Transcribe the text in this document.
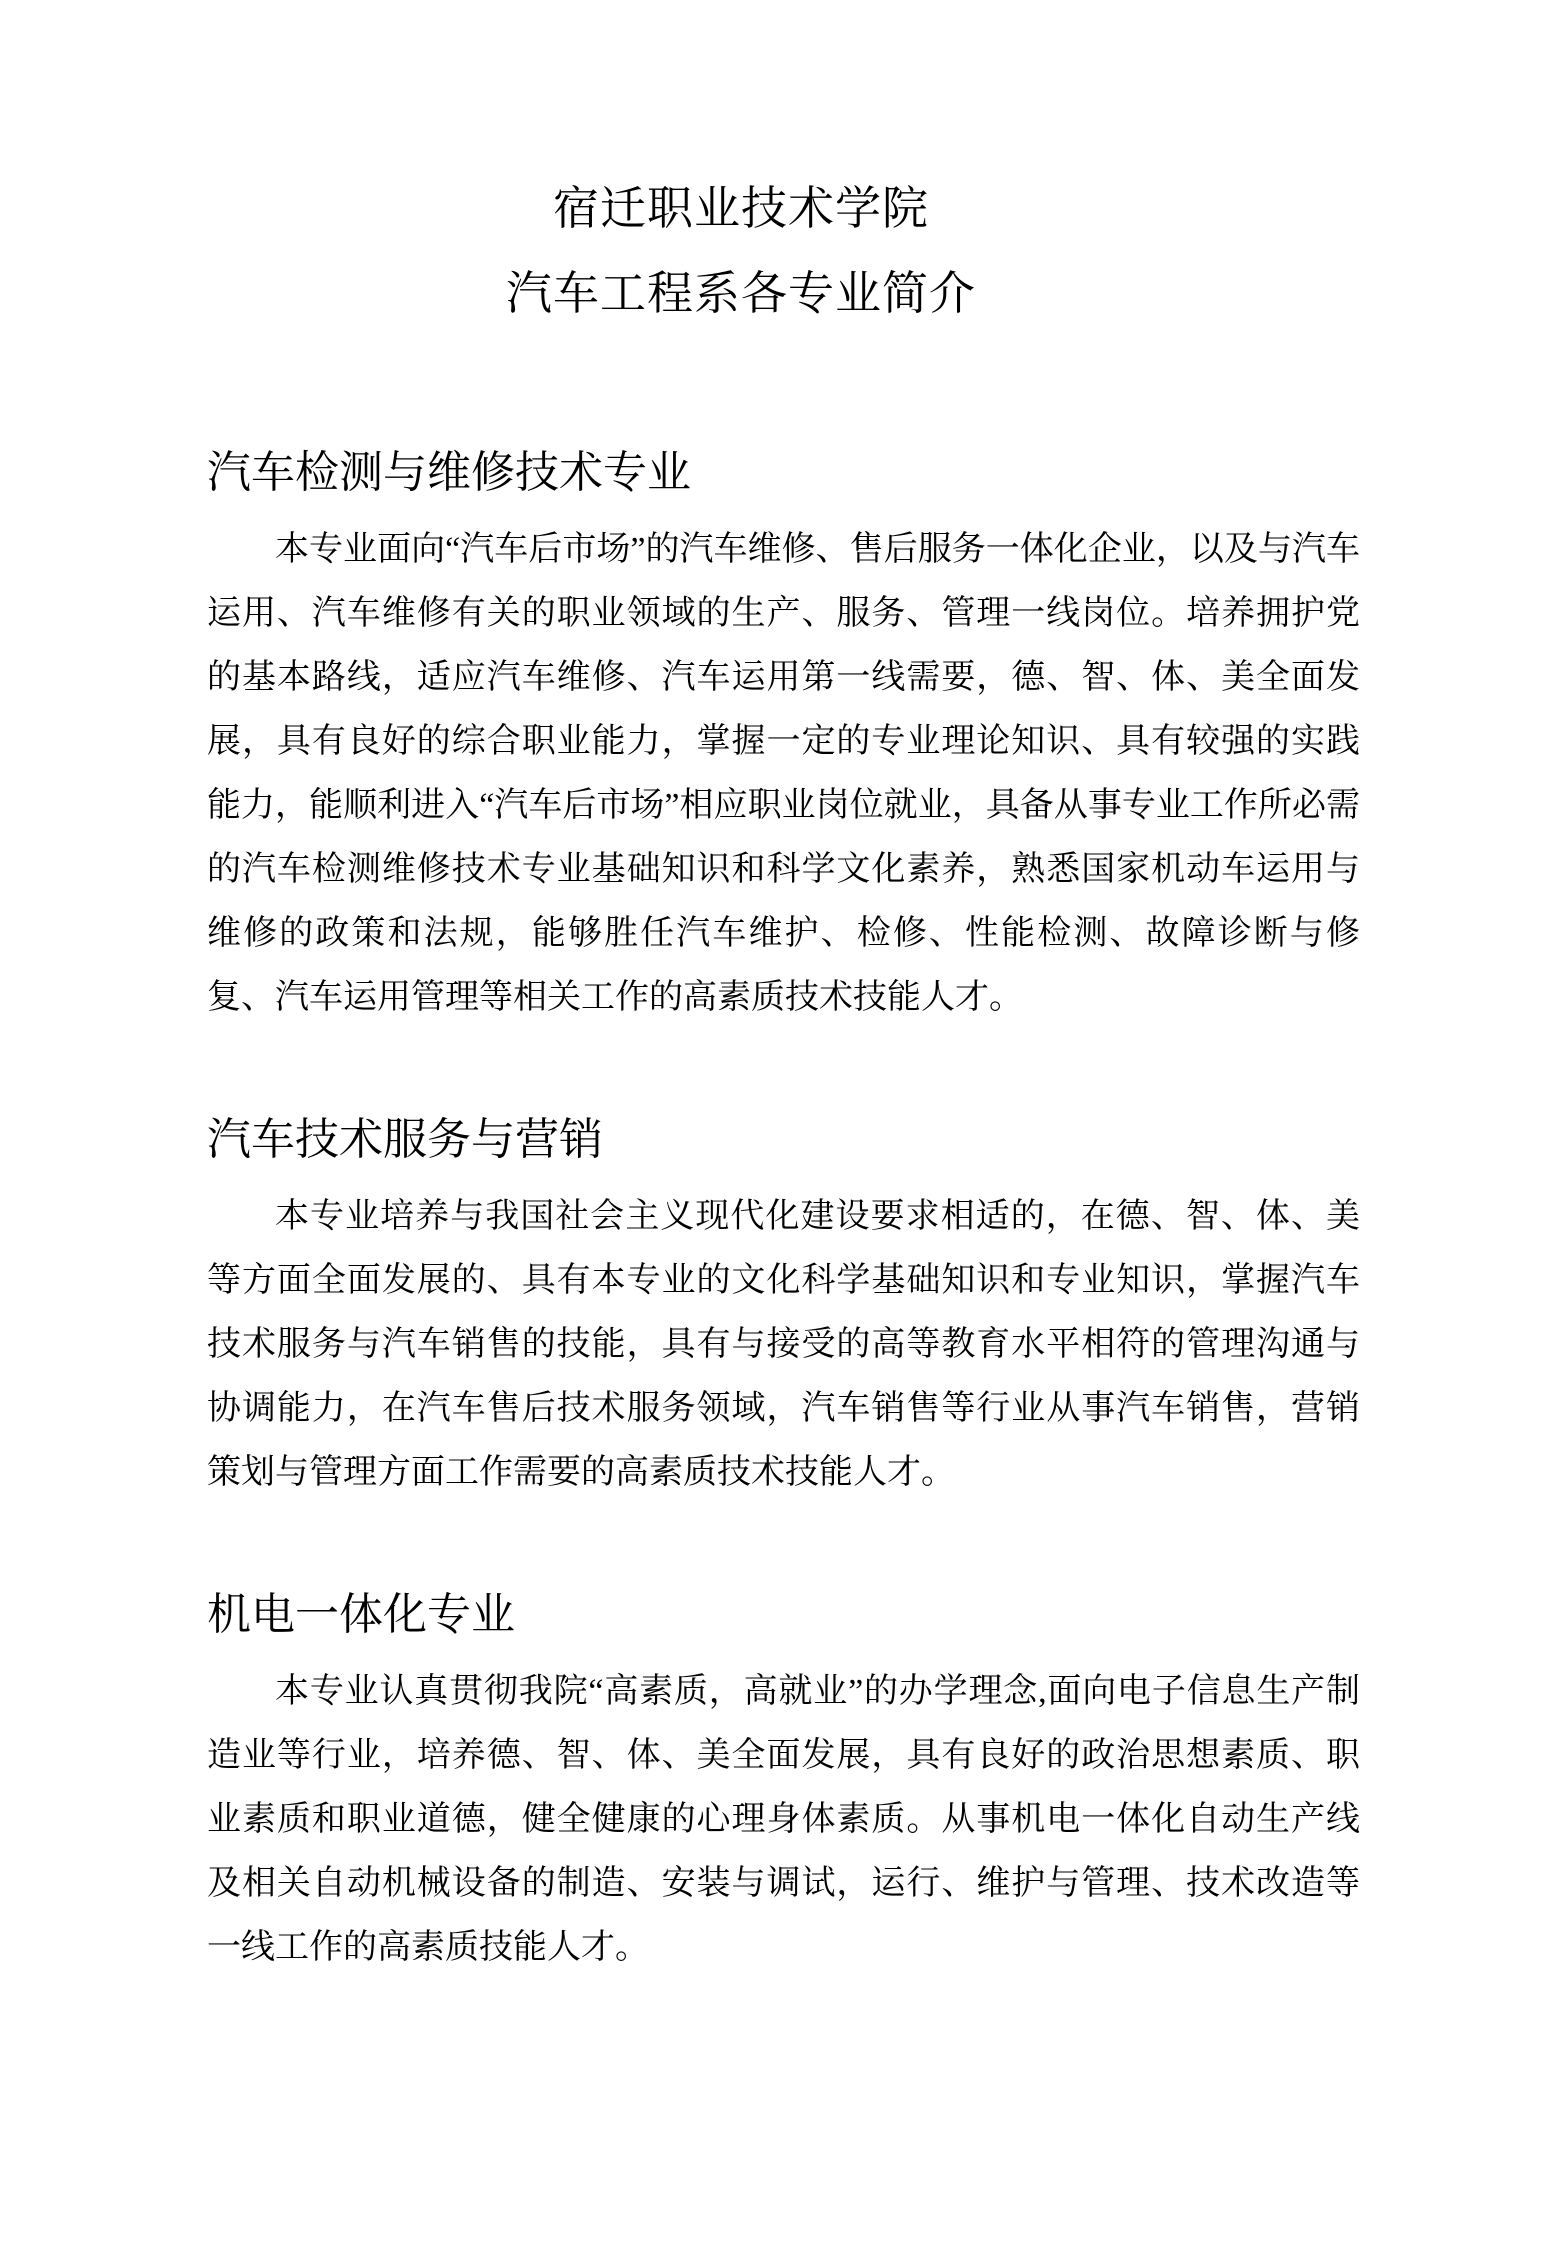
宿迁职业技术学院
汽车工程系各专业简介
汽车检测与维修技术专业

本专业面向“汽车后市场”的汽车维修、售后服务一体化企业，以及与汽车运用、汽车维修有关的职业领域的生产、服务、管理一线岗位。培养拥护党的基本路线，适应汽车维修、汽车运用第一线需要，德、智、体、美全面发展，具有良好的综合职业能力，掌握一定的专业理论知识、具有较强的实践能力，能顺利进入“汽车后市场”相应职业岗位就业，具备从事专业工作所必需的汽车检测维修技术专业基础知识和科学文化素养，熟悉国家机动车运用与维修的政策和法规，能够胜任汽车维护、检修、性能检测、故障诊断与修复、汽车运用管理等相关工作的高素质技术技能人才。

汽车技术服务与营销

本专业培养与我国社会主义现代化建设要求相适的，在德、智、体、美等方面全面发展的、具有本专业的文化科学基础知识和专业知识，掌握汽车技术服务与汽车销售的技能，具有与接受的高等教育水平相符的管理沟通与协调能力，在汽车售后技术服务领域，汽车销售等行业从事汽车销售，营销策划与管理方面工作需要的高素质技术技能人才。

机电一体化专业

本专业认真贯彻我院“高素质，高就业”的办学理念,面向电子信息生产制造业等行业，培养德、智、体、美全面发展，具有良好的政治思想素质、职业素质和职业道德，健全健康的心理身体素质。从事机电一体化自动生产线及相关自动机械设备的制造、安装与调试，运行、维护与管理、技术改造等一线工作的高素质技能人才。
